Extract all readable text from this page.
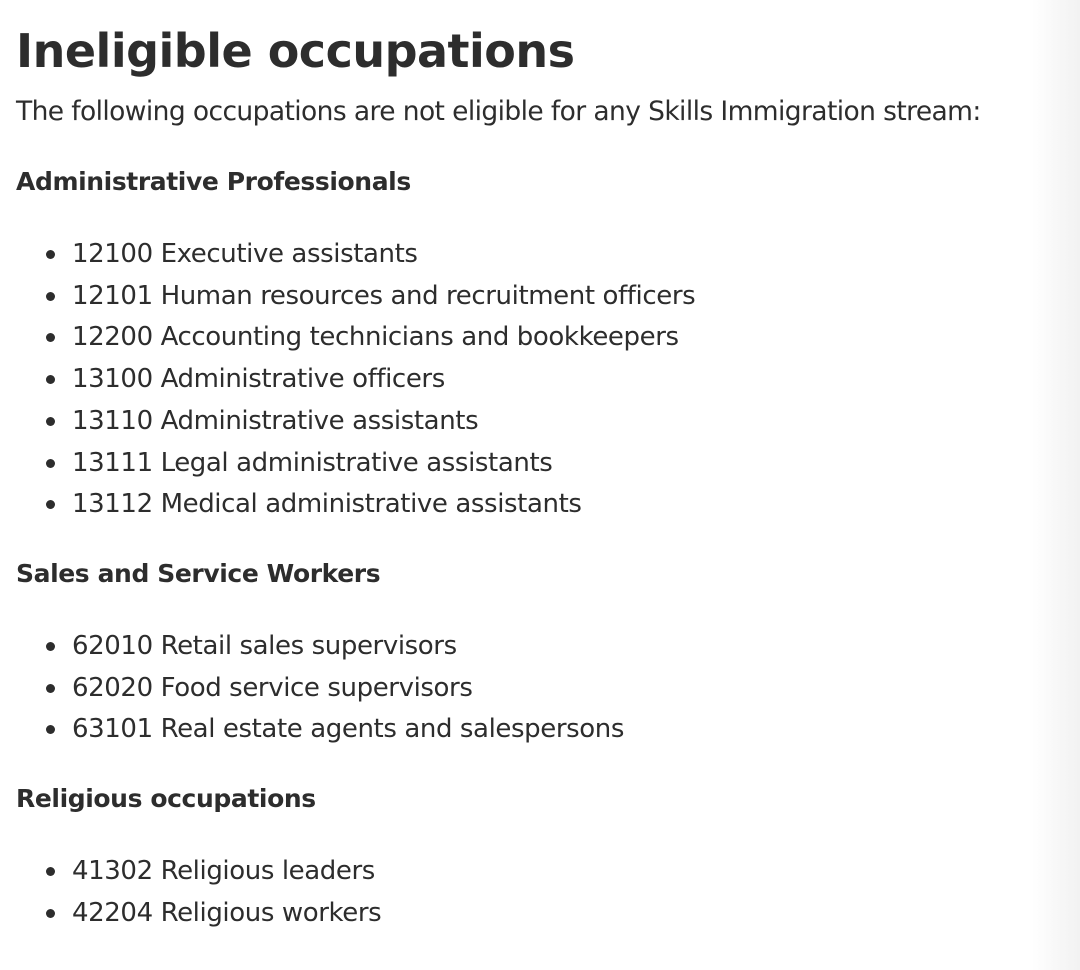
Ineligible occupations

The following occupations are not eligible for any Skills Immigration stream:

Administrative Professionals
12100 Executive assistants
12101 Human resources and recruitment officers
12200 Accounting technicians and bookkeepers
13100 Administrative officers
13110 Administrative assistants
13111 Legal administrative assistants
13112 Medical administrative assistants
Sales and Service Workers
62010 Retail sales supervisors
62020 Food service supervisors
63101 Real estate agents and salespersons
Religious occupations
41302 Religious leaders
42204 Religious workers
